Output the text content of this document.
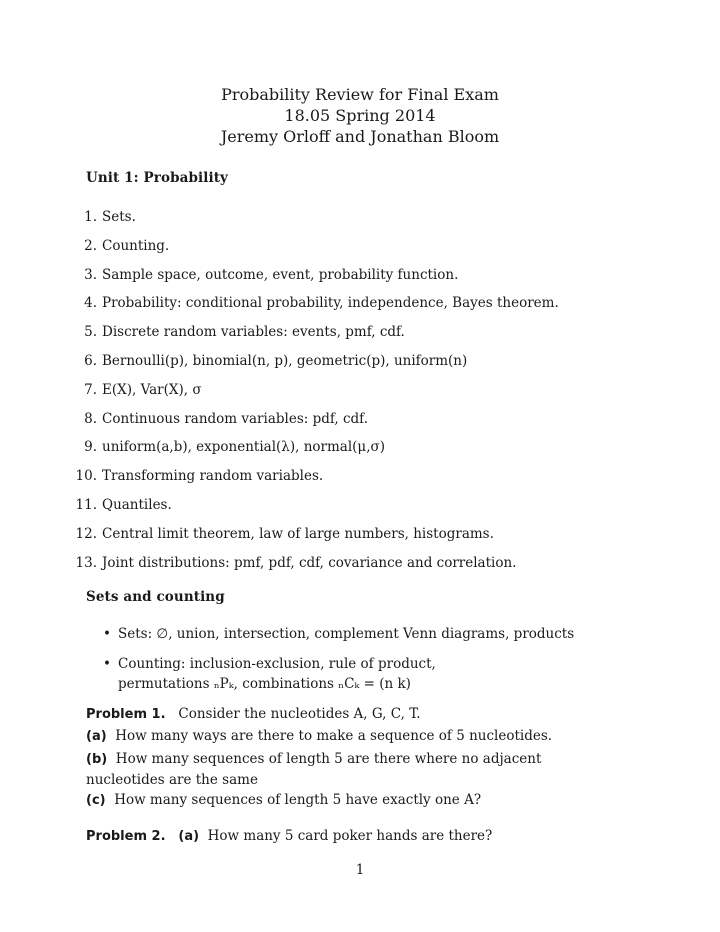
Probability Review for Final Exam
18.05 Spring 2014
Jeremy Orloff and Jonathan Bloom
Unit 1: Probability
1. Sets.
2. Counting.
3. Sample space, outcome, event, probability function.
4. Probability: conditional probability, independence, Bayes theorem.
5. Discrete random variables: events, pmf, cdf.
6. Bernoulli(p), binomial(n, p), geometric(p), uniform(n)
7. E(X), Var(X), σ
8. Continuous random variables: pdf, cdf.
9. uniform(a,b), exponential(λ), normal(μ,σ)
10. Transforming random variables.
11. Quantiles.
12. Central limit theorem, law of large numbers, histograms.
13. Joint distributions: pmf, pdf, cdf, covariance and correlation.
Sets and counting
• Sets: ∅, union, intersection, complement Venn diagrams, products
• Counting: inclusion-exclusion, rule of product,
permutations ₙPₖ, combinations ₙCₖ = (n k)
Problem 1. Consider the nucleotides A, G, C, T.
(a) How many ways are there to make a sequence of 5 nucleotides.
(b) How many sequences of length 5 are there where no adjacent nucleotides are the same
(c) How many sequences of length 5 have exactly one A?
Problem 2. (a) How many 5 card poker hands are there?
1
